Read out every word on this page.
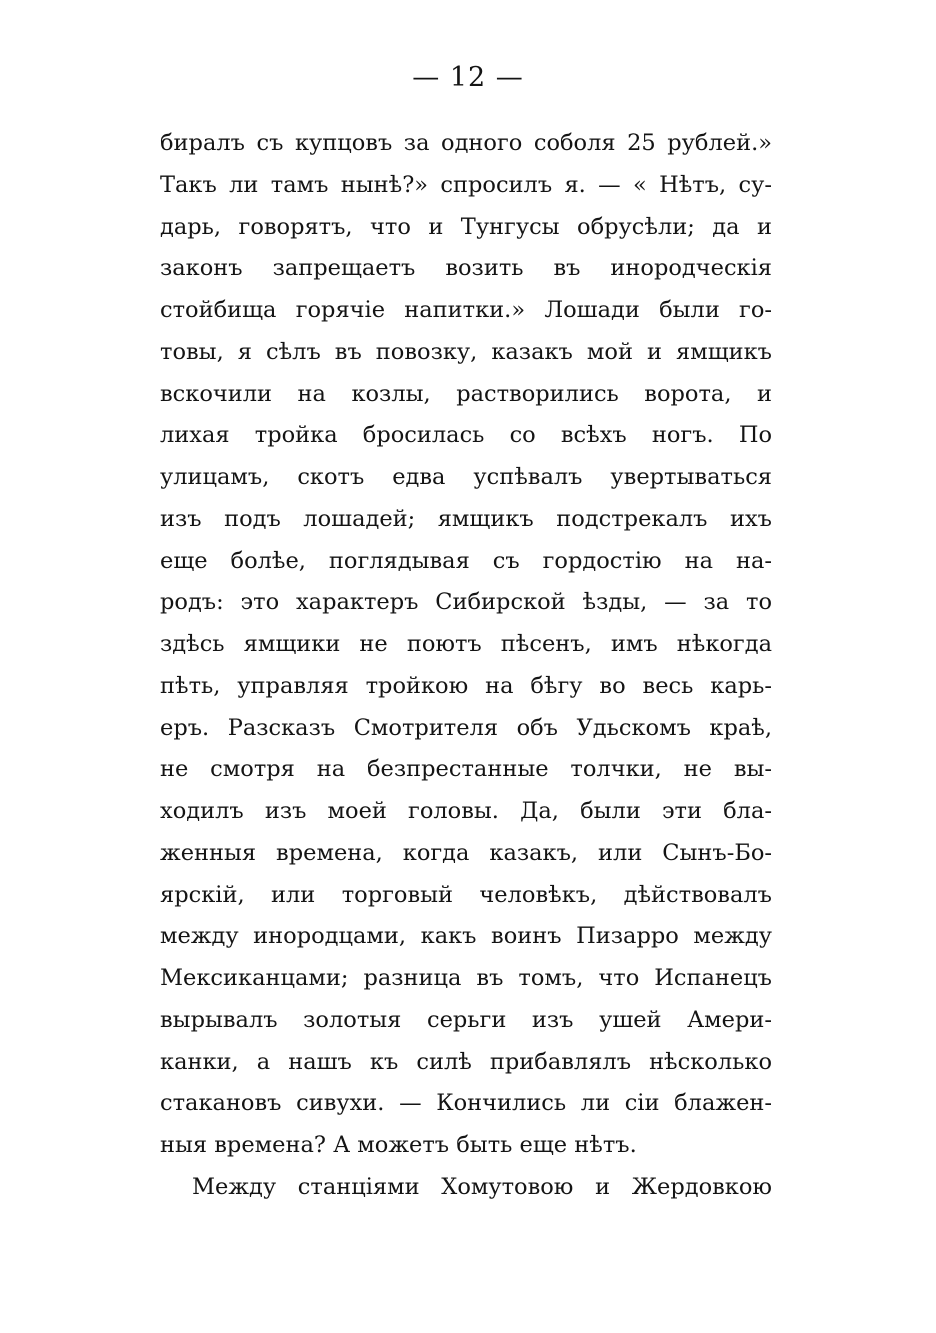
— 12 —
биралъ съ купцовъ за одного соболя 25 рублей.»
Такъ ли тамъ нынѣ?» спросилъ я. — « Нѣтъ, су-
дарь, говорятъ, что и Тунгусы обрусѣли; да и
законъ запрещаетъ возить въ инородческія
стойбища горячіе напитки.» Лошади были го-
товы, я сѣлъ въ повозку, казакъ мой и ямщикъ
вскочили на козлы, растворились ворота, и
лихая тройка бросилась со всѣхъ ногъ. По
улицамъ, скотъ едва успѣвалъ увертываться
изъ подъ лошадей; ямщикъ подстрекалъ ихъ
еще болѣе, поглядывая съ гордостію на на-
родъ: это характеръ Сибирской ѣзды, — за то
здѣсь ямщики не поютъ пѣсенъ, имъ нѣкогда
пѣть, управляя тройкою на бѣгу во весь карь-
еръ. Разсказъ Смотрителя объ Удьскомъ краѣ,
не смотря на безпрестанные толчки, не вы-
ходилъ изъ моей головы. Да, были эти бла-
женныя времена, когда казакъ, или Сынъ-Бо-
ярскій, или торговый человѣкъ, дѣйствовалъ
между инородцами, какъ воинъ Пизарро между
Мексиканцами; разница въ томъ, что Испанецъ
вырывалъ золотыя серьги изъ ушей Амери-
канки, а нашъ къ силѣ прибавлялъ нѣсколько
стакановъ сивухи. — Кончились ли сіи блажен-
ныя времена? А можетъ быть еще нѣтъ.
Между станціями Хомутовою и Жердовкою
